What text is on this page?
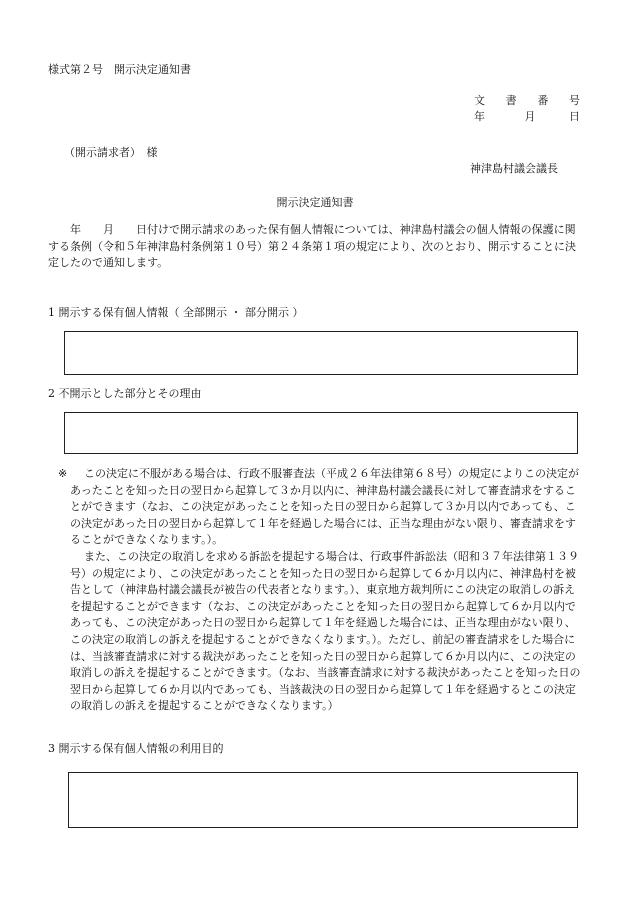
様式第２号　開示決定通知書
文 書 番 号
年	月	日
（開示請求者）　様
神津島村議会議長
開示決定通知書
　　年　　月　　日付けで開示請求のあった保有個人情報については、神津島村議会の個人情報の保護に関する条例（令和５年神津島村条例第１０号）第２４条第１項の規定により、次のとおり、開示することに決定したので通知します。
1 開示する保有個人情報（ 全部開示 ・ 部分開示 ）
2 不開示とした部分とその理由
※	この決定に不服がある場合は、行政不服審査法（平成２６年法律第６８号）の規定によりこの決定があったことを知った日の翌日から起算して３か月以内に、神津島村議会議長に対して審査請求をすることができます（なお、この決定があったことを知った日の翌日から起算して３か月以内であっても、この決定があった日の翌日から起算して１年を経過した場合には、正当な理由がない限り、審査請求をすることができなくなります。）。

また、この決定の取消しを求める訴訟を提起する場合は、行政事件訴訟法（昭和３７年法律第１３９号）の規定により、この決定があったことを知った日の翌日から起算して６か月以内に、神津島村を被告として（神津島村議会議長が被告の代表者となります。）、東京地方裁判所にこの決定の取消しの訴えを提起することができます（なお、この決定があったことを知った日の翌日から起算して６か月以内であっても、この決定があった日の翌日から起算して１年を経過した場合には、正当な理由がない限り、この決定の取消しの訴えを提起することができなくなります。）。ただし、前記の審査請求をした場合には、当該審査請求に対する裁決があったことを知った日の翌日から起算して６か月以内に、この決定の取消しの訴えを提起することができます。（なお、当該審査請求に対する裁決があったことを知った日の翌日から起算して６か月以内であっても、当該裁決の日の翌日から起算して１年を経過するとこの決定の取消しの訴えを提起することができなくなります。）

3 開示する保有個人情報の利用目的
